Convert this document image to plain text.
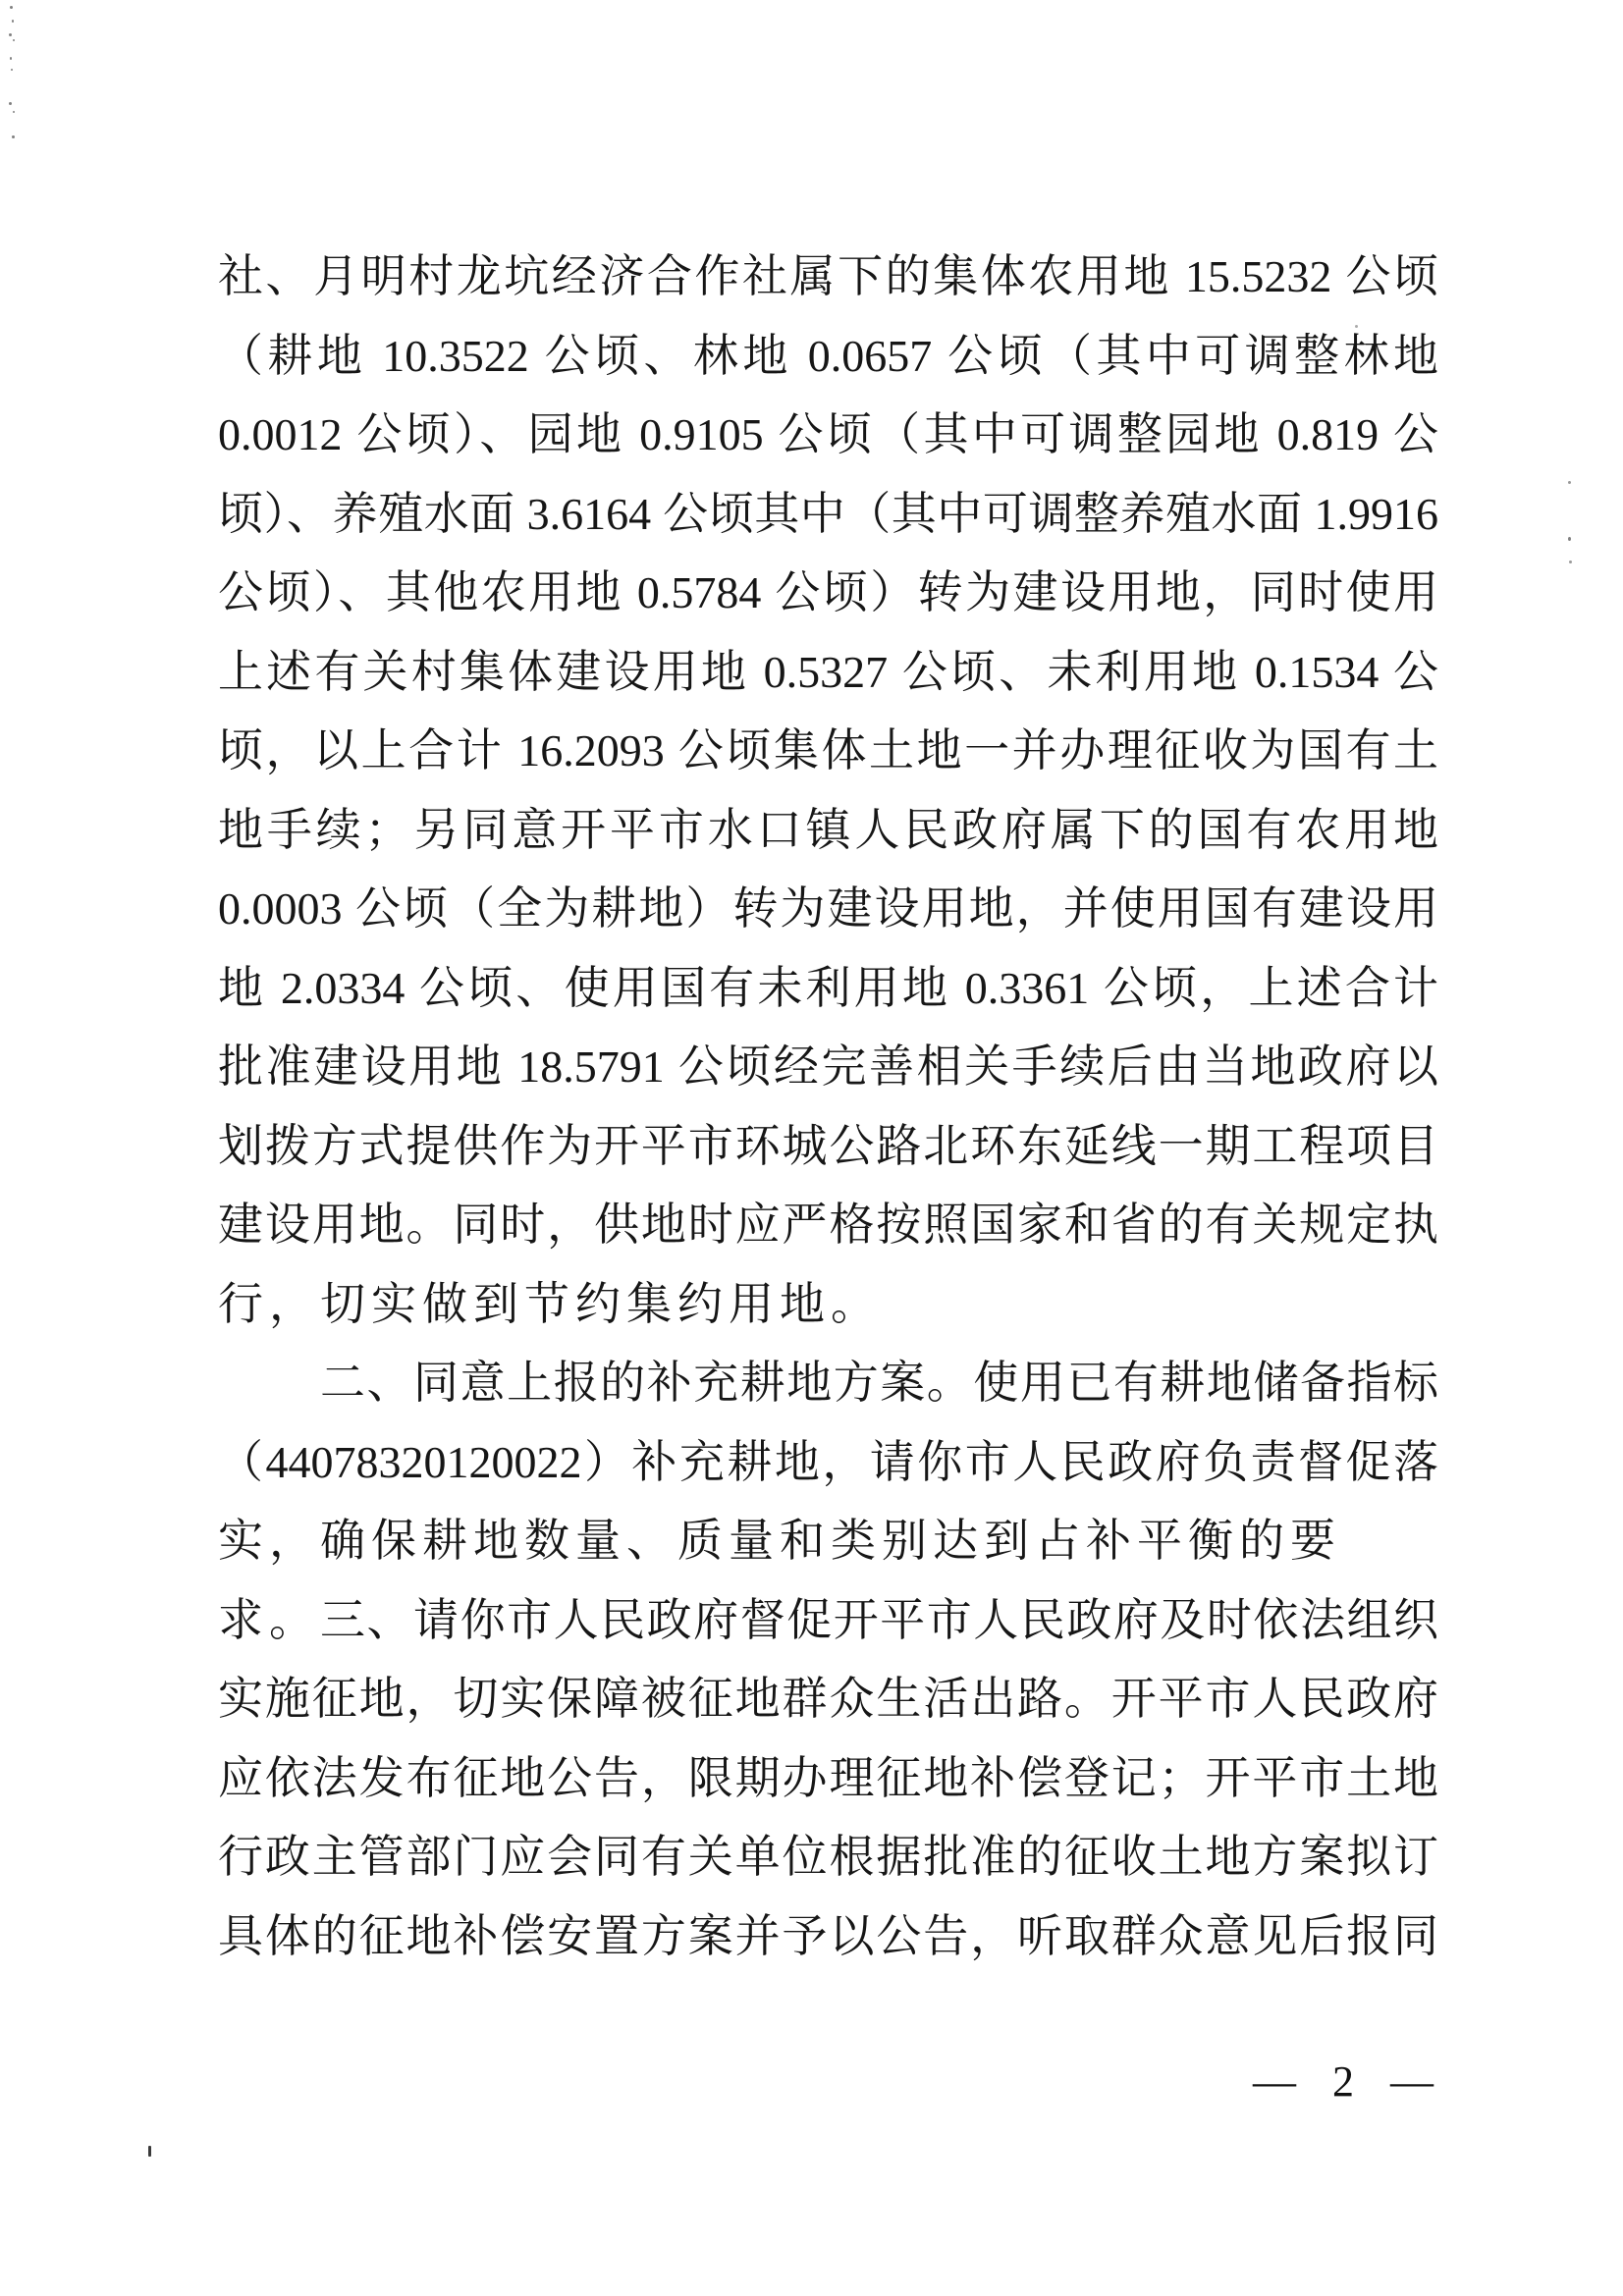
社、月明村龙坑经济合作社属下的集体农用地 15.5232 公顷
（耕地 10.3522 公顷、林地 0.0657 公顷（其中可调整林地
0.0012 公顷）、园地 0.9105 公顷（其中可调整园地 0.819 公
顷）、养殖水面 3.6164 公顷其中（其中可调整养殖水面 1.9916
公顷）、其他农用地 0.5784 公顷）转为建设用地，同时使用
上述有关村集体建设用地 0.5327 公顷、未利用地 0.1534 公
顷，以上合计 16.2093 公顷集体土地一并办理征收为国有土
地手续；另同意开平市水口镇人民政府属下的国有农用地
0.0003 公顷（全为耕地）转为建设用地，并使用国有建设用
地 2.0334 公顷、使用国有未利用地 0.3361 公顷，上述合计
批准建设用地 18.5791 公顷经完善相关手续后由当地政府以
划拨方式提供作为开平市环城公路北环东延线一期工程项目
建设用地。同时，供地时应严格按照国家和省的有关规定执
行，切实做到节约集约用地。
二、同意上报的补充耕地方案。使用已有耕地储备指标
（44078320120022）补充耕地，请你市人民政府负责督促落
实，确保耕地数量、质量和类别达到占补平衡的要求。 三、请你市人民政府督促开平市人民政府及时依法组织
实施征地，切实保障被征地群众生活出路。开平市人民政府
应依法发布征地公告，限期办理征地补偿登记；开平市土地
行政主管部门应会同有关单位根据批准的征收土地方案拟订
具体的征地补偿安置方案并予以公告，听取群众意见后报同
— 2 —
